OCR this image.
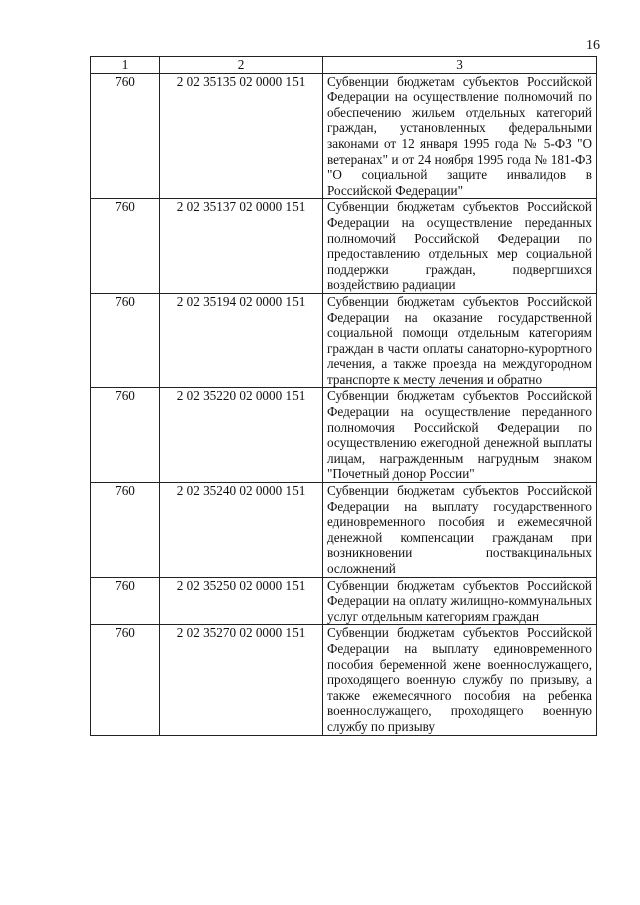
16
1	2	3
760	2 02 35135 02 0000 151	Субвенции бюджетам субъектов Российской Федерации на осуществление полномочий по обеспечению жильем отдельных категорий граждан, установленных федеральными законами от 12 января 1995 года № 5-ФЗ "О ветеранах" и от 24 ноября 1995 года № 181-ФЗ "О социальной защите инвалидов в Российской Федерации"
760	2 02 35137 02 0000 151	Субвенции бюджетам субъектов Российской Федерации на осуществление переданных полномочий Российской Федерации по предоставлению отдельных мер социальной поддержки граждан, подвергшихся воздействию радиации
760	2 02 35194 02 0000 151	Субвенции бюджетам субъектов Российской Федерации на оказание государственной социальной помощи отдельным категориям граждан в части оплаты санаторно-курортного лечения, а также проезда на междугородном транспорте к месту лечения и обратно
760	2 02 35220 02 0000 151	Субвенции бюджетам субъектов Российской Федерации на осуществление переданного полномочия Российской Федерации по осуществлению ежегодной денежной выплаты лицам, награжденным нагрудным знаком "Почетный донор России"
760	2 02 35240 02 0000 151	Субвенции бюджетам субъектов Российской Федерации на выплату государственного единовременного пособия и ежемесячной денежной компенсации гражданам при возникновении поствакцинальных осложнений
760	2 02 35250 02 0000 151	Субвенции бюджетам субъектов Российской Федерации на оплату жилищно-коммунальных услуг отдельным категориям граждан
760	2 02 35270 02 0000 151	Субвенции бюджетам субъектов Российской Федерации на выплату единовременного пособия беременной жене военнослужащего, проходящего военную службу по призыву, а также ежемесячного пособия на ребенка военнослужащего, проходящего военную службу по призыву
